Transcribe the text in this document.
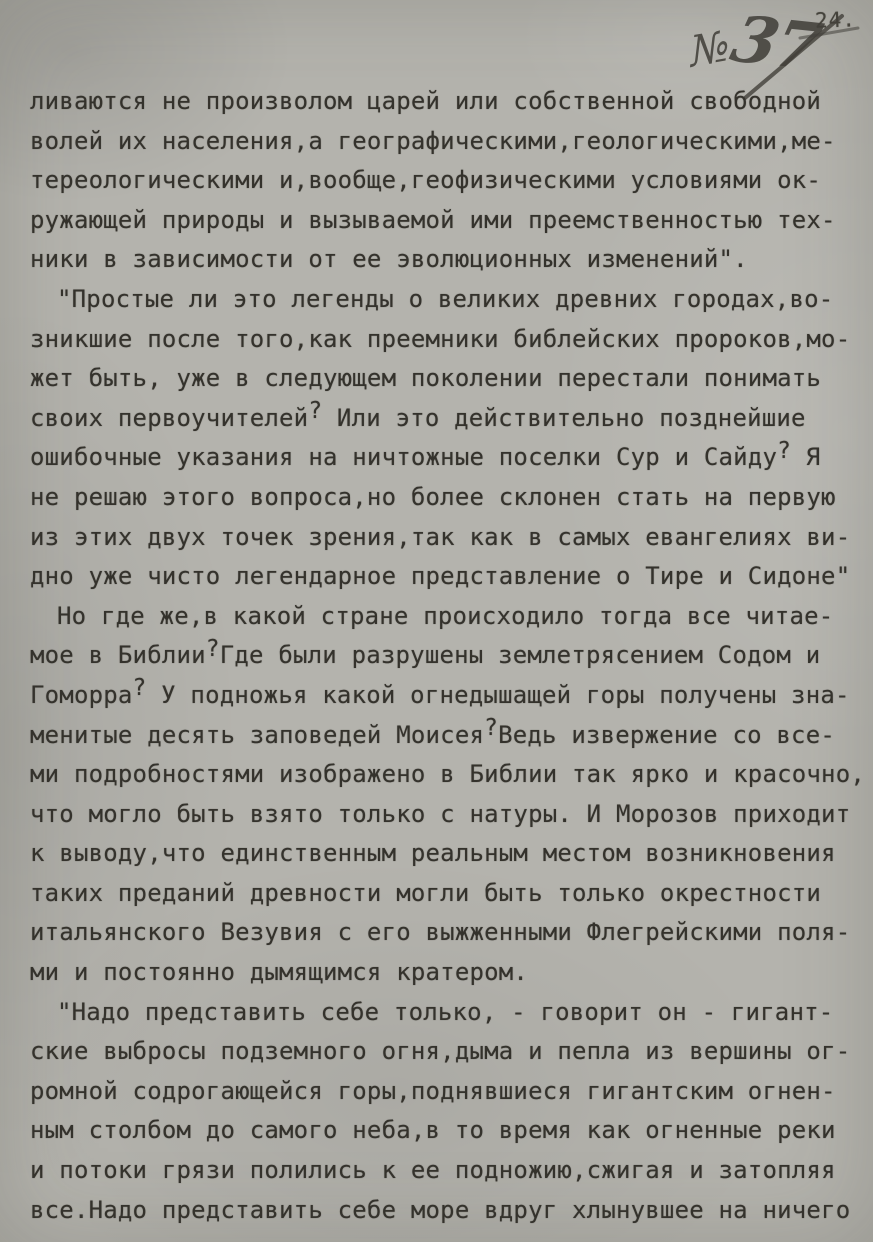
24.
№
37
ливаются не произволом царей или собственной свободной
волей их населения,а географическими,геологическими,ме-
тереологическими и,вообще,геофизическими условиями ок-
ружающей природы и вызываемой ими преемственностью тех-
ники в зависимости от ее эволюционных изменений".
"Простые ли это легенды о великих древних городах,во-
зникшие после того,как преемники библейских пророков,мо-
жет быть, уже в следующем поколении перестали понимать
своих первоучителей? Или это действительно позднейшие
ошибочные указания на ничтожные поселки Сур и Сайду? Я
не решаю этого вопроса,но более склонен стать на первую
из этих двух точек зрения,так как в самых евангелиях ви-
дно уже чисто легендарное представление о Тире и Сидоне"
Но где же,в какой стране происходило тогда все читае-
мое в Библии?Где были разрушены землетрясением Содом и
Гоморра? У подножья какой огнедышащей горы получены зна-
менитые десять заповедей Моисея?Ведь извержение со все-
ми подробностями изображено в Библии так ярко и красочно,
что могло быть взято только с натуры. И Морозов приходит
к выводу,что единственным реальным местом возникновения
таких преданий древности могли быть только окрестности
итальянского Везувия с его выжженными Флегрейскими поля-
ми и постоянно дымящимся кратером.
"Надо представить себе только, - говорит он - гигант-
ские выбросы подземного огня,дыма и пепла из вершины ог-
ромной содрогающейся горы,поднявшиеся гигантским огнен-
ным столбом до самого неба,в то время как огненные реки
и потоки грязи полились к ее подножию,сжигая и затопляя
все.Надо представить себе море вдруг хлынувшее на ничего
